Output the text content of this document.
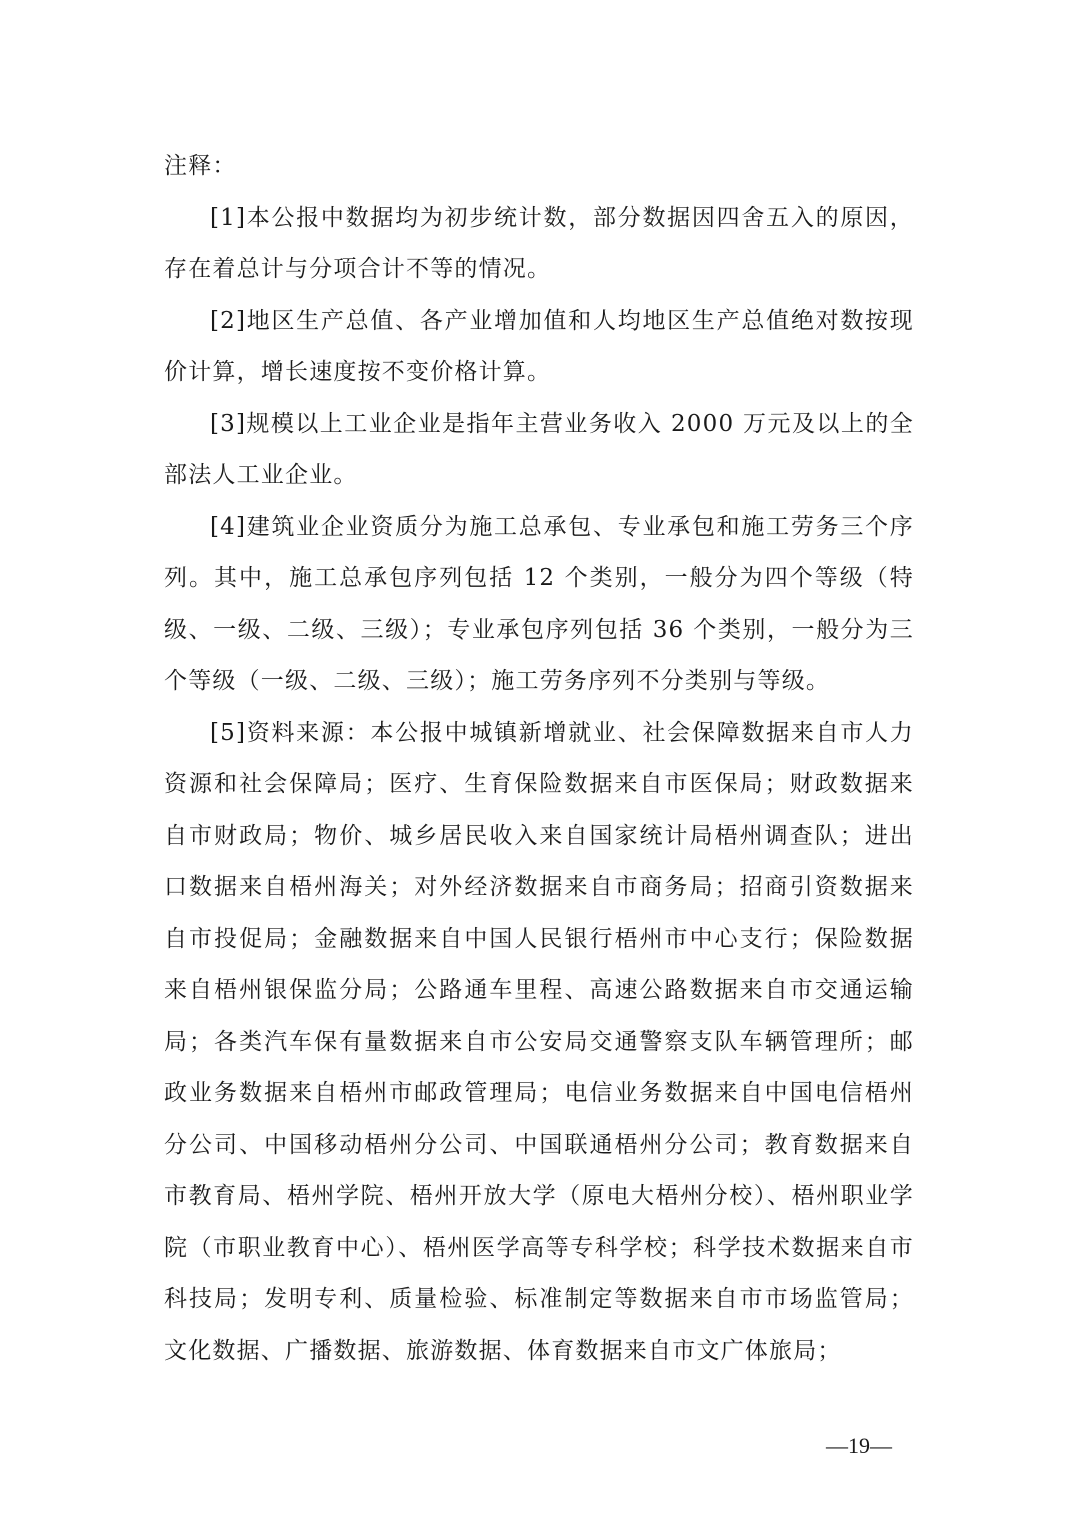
注释：

[1]本公报中数据均为初步统计数，部分数据因四舍五入的原因，存在着总计与分项合计不等的情况。

[2]地区生产总值、各产业增加值和人均地区生产总值绝对数按现价计算，增长速度按不变价格计算。

[3]规模以上工业企业是指年主营业务收入 2000 万元及以上的全部法人工业企业。

[4]建筑业企业资质分为施工总承包、专业承包和施工劳务三个序列。其中，施工总承包序列包括 12 个类别，一般分为四个等级（特级、一级、二级、三级）；专业承包序列包括 36 个类别，一般分为三个等级（一级、二级、三级）；施工劳务序列不分类别与等级。

[5]资料来源：本公报中城镇新增就业、社会保障数据来自市人力资源和社会保障局；医疗、生育保险数据来自市医保局；财政数据来自市财政局；物价、城乡居民收入来自国家统计局梧州调查队；进出口数据来自梧州海关；对外经济数据来自市商务局；招商引资数据来自市投促局；金融数据来自中国人民银行梧州市中心支行；保险数据来自梧州银保监分局；公路通车里程、高速公路数据来自市交通运输局；各类汽车保有量数据来自市公安局交通警察支队车辆管理所；邮政业务数据来自梧州市邮政管理局；电信业务数据来自中国电信梧州分公司、中国移动梧州分公司、中国联通梧州分公司；教育数据来自市教育局、梧州学院、梧州开放大学（原电大梧州分校）、梧州职业学院（市职业教育中心）、梧州医学高等专科学校；科学技术数据来自市科技局；发明专利、质量检验、标准制定等数据来自市市场监管局；文化数据、广播数据、旅游数据、体育数据来自市文广体旅局；

—19—
